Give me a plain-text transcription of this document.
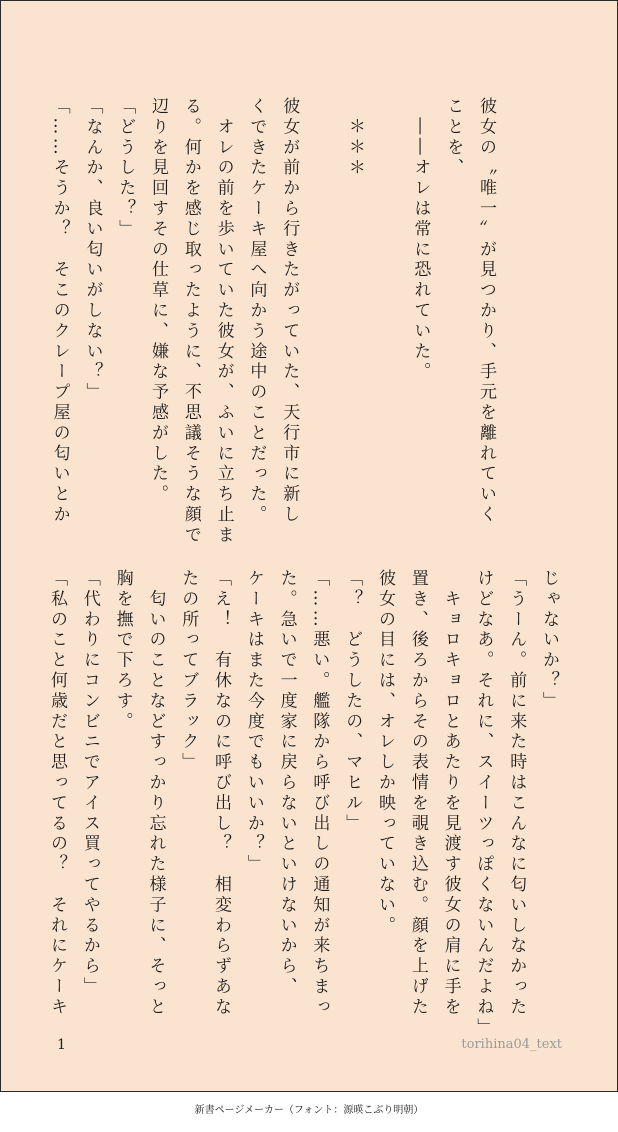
彼女の〝唯一〟が見つかり、手元を離れていく
ことを、
　――オレは常に恐れていた。
　＊＊＊
彼女が前から行きたがっていた、天行市に新し
くできたケーキ屋へ向かう途中のことだった。
　オレの前を歩いていた彼女が、ふいに立ち止ま
る。何かを感じ取ったように、不思議そうな顔で
辺りを見回すその仕草に、嫌な予感がした。
「どうした？」
「なんか、良い匂いがしない？」
「……そうか？　そこのクレープ屋の匂いとか
じゃないか？」
「うーん。前に来た時はこんなに匂いしなかった
けどなあ。それに、スイーツっぽくないんだよね」
　キョロキョロとあたりを見渡す彼女の肩に手を
置き、後ろからその表情を覗き込む。顔を上げた
彼女の目には、オレしか映っていない。
「？　どうしたの、マヒル」
「……悪い。艦隊から呼び出しの通知が来ちまっ
た。急いで一度家に戻らないといけないから、
ケーキはまた今度でもいいか？」
「え！　有休なのに呼び出し？　相変わらずあな
たの所ってブラック」
　匂いのことなどすっかり忘れた様子に、そっと
胸を撫で下ろす。
「代わりにコンビニでアイス買ってやるから」
「私のこと何歳だと思ってるの？　それにケーキ
1	torihina04_text
新書ページメーカー（フォント：源暎こぶり明朝）
